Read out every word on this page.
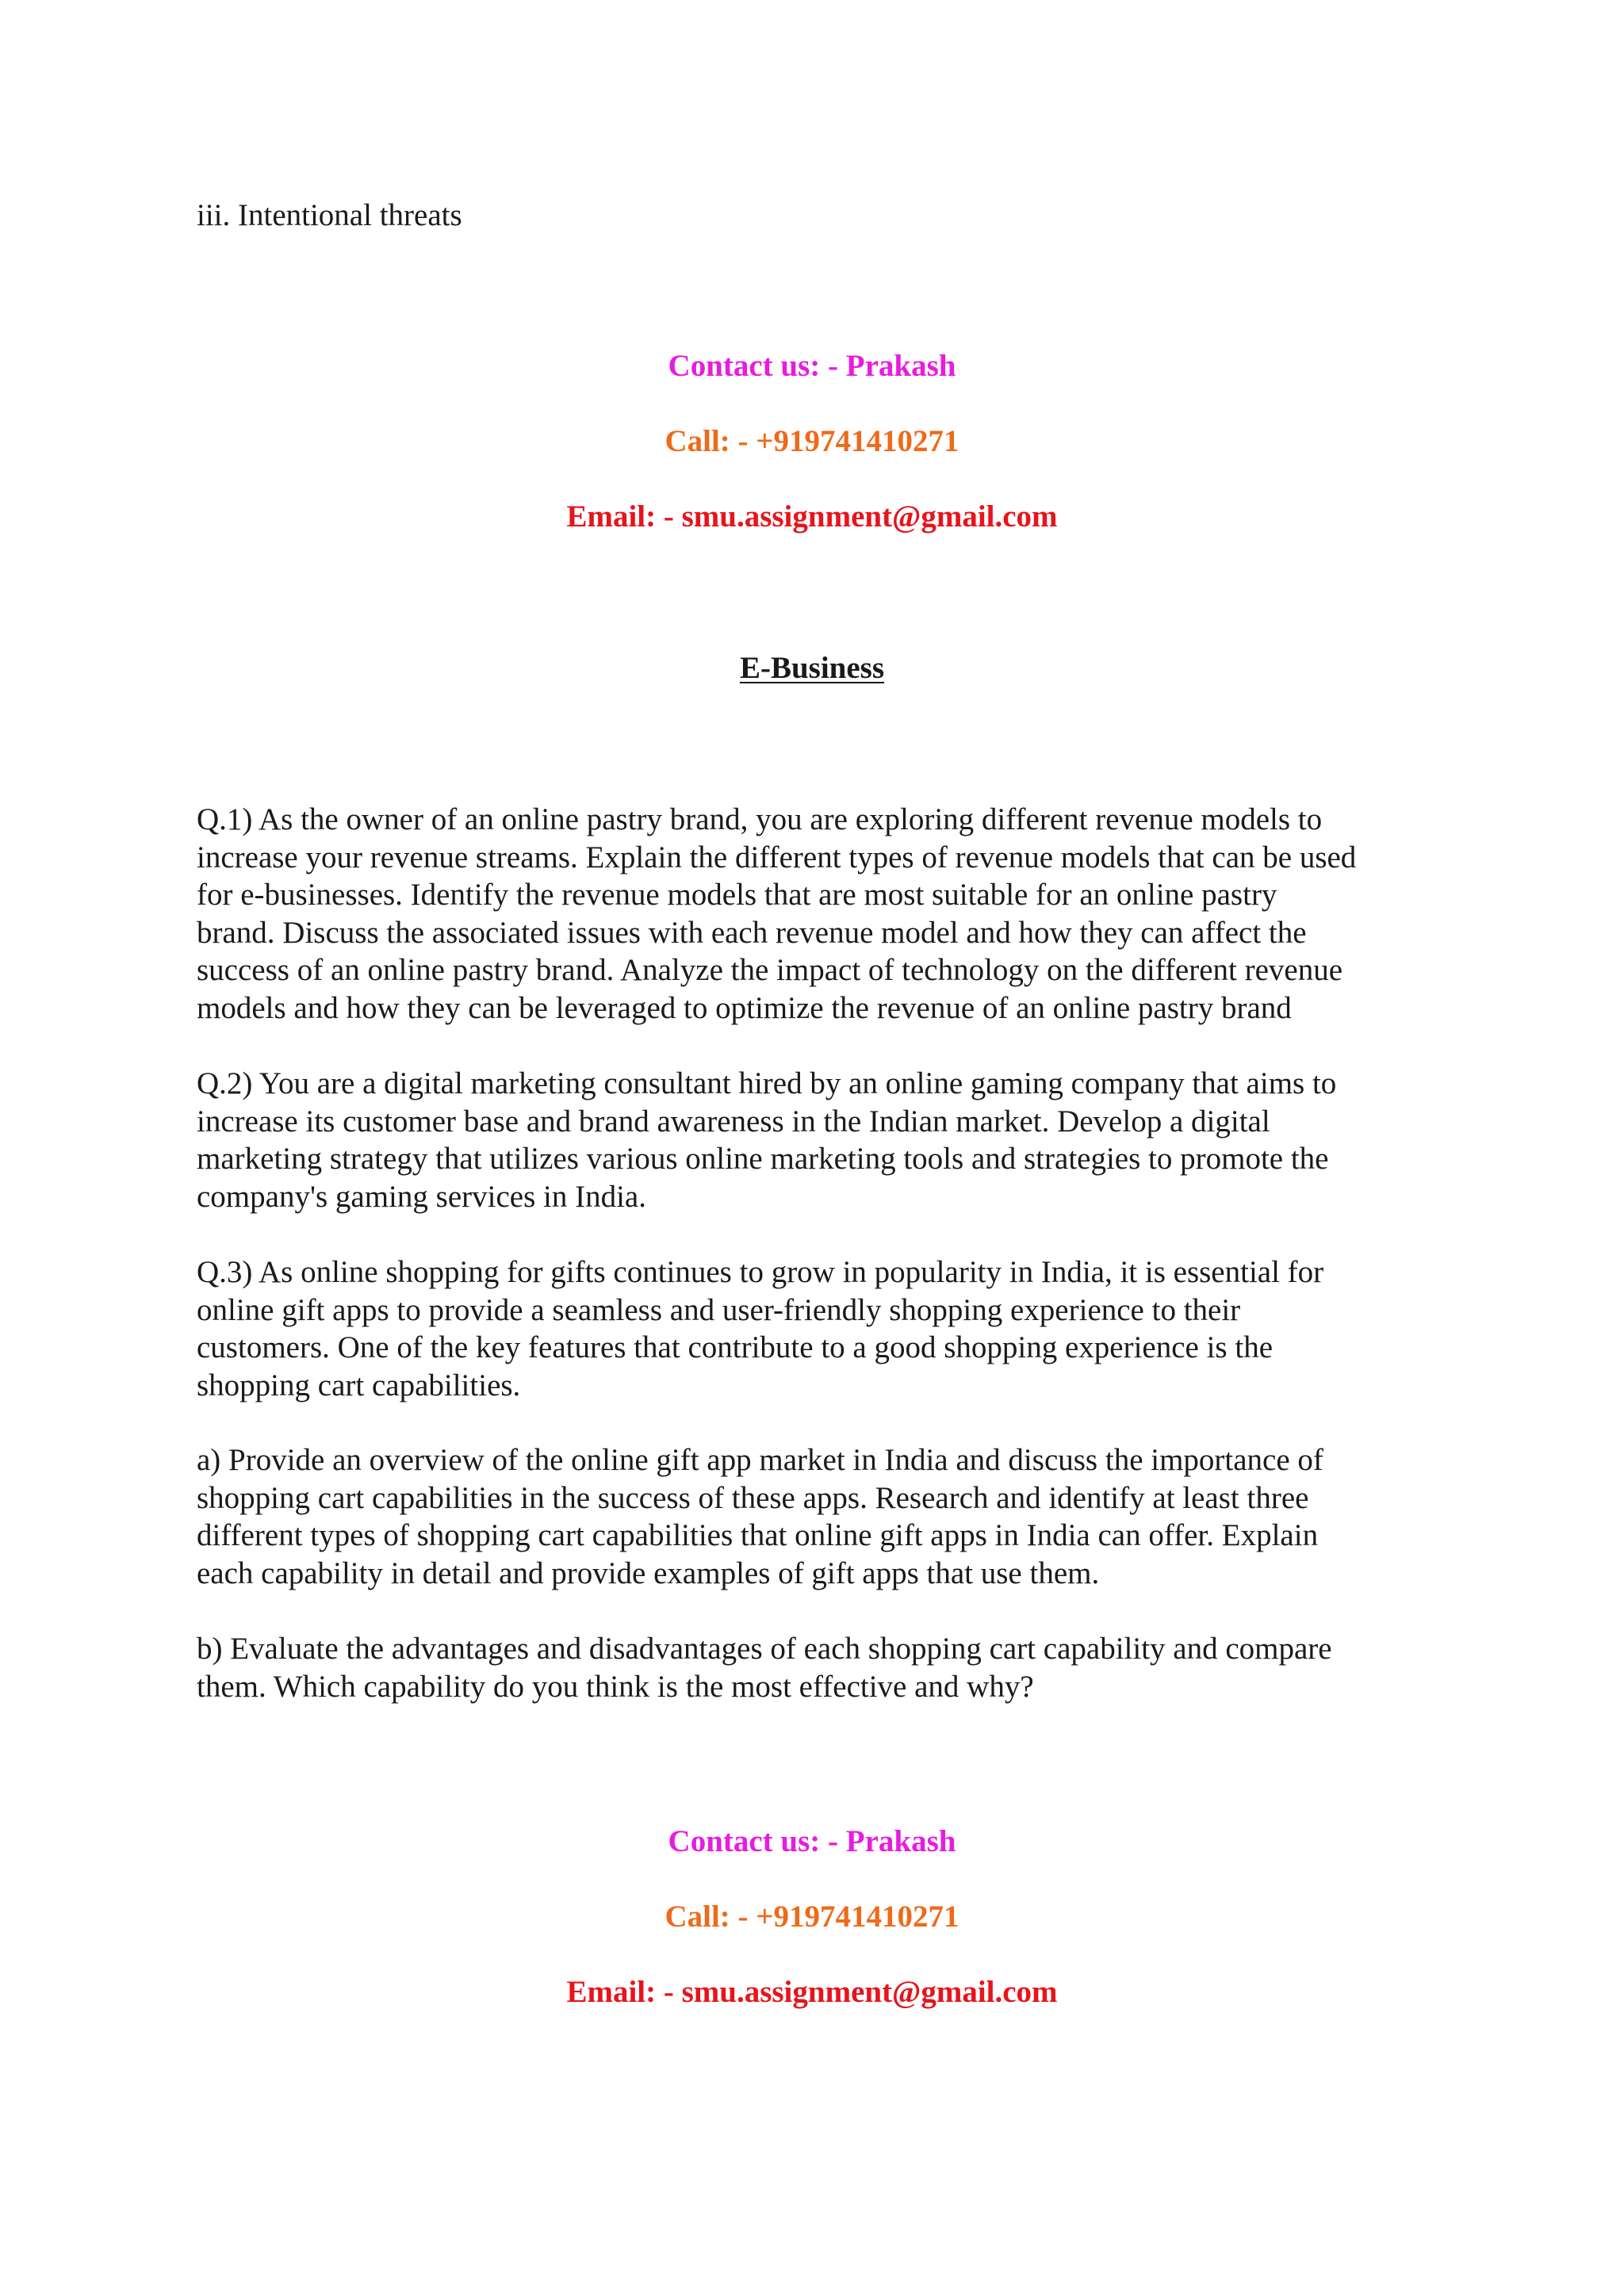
iii. Intentional threats

Contact us: - Prakash

Call: - +919741410271

Email: - smu.assignment@gmail.com

E-Business

Q.1) As the owner of an online pastry brand, you are exploring different revenue models to
increase your revenue streams. Explain the different types of revenue models that can be used
for e-businesses. Identify the revenue models that are most suitable for an online pastry
brand. Discuss the associated issues with each revenue model and how they can affect the
success of an online pastry brand. Analyze the impact of technology on the different revenue
models and how they can be leveraged to optimize the revenue of an online pastry brand
Q.2) You are a digital marketing consultant hired by an online gaming company that aims to
increase its customer base and brand awareness in the Indian market. Develop a digital
marketing strategy that utilizes various online marketing tools and strategies to promote the
company's gaming services in India.
Q.3) As online shopping for gifts continues to grow in popularity in India, it is essential for
online gift apps to provide a seamless and user-friendly shopping experience to their
customers. One of the key features that contribute to a good shopping experience is the
shopping cart capabilities.
a) Provide an overview of the online gift app market in India and discuss the importance of
shopping cart capabilities in the success of these apps. Research and identify at least three
different types of shopping cart capabilities that online gift apps in India can offer. Explain
each capability in detail and provide examples of gift apps that use them.
b) Evaluate the advantages and disadvantages of each shopping cart capability and compare
them. Which capability do you think is the most effective and why?

Contact us: - Prakash

Call: - +919741410271

Email: - smu.assignment@gmail.com
